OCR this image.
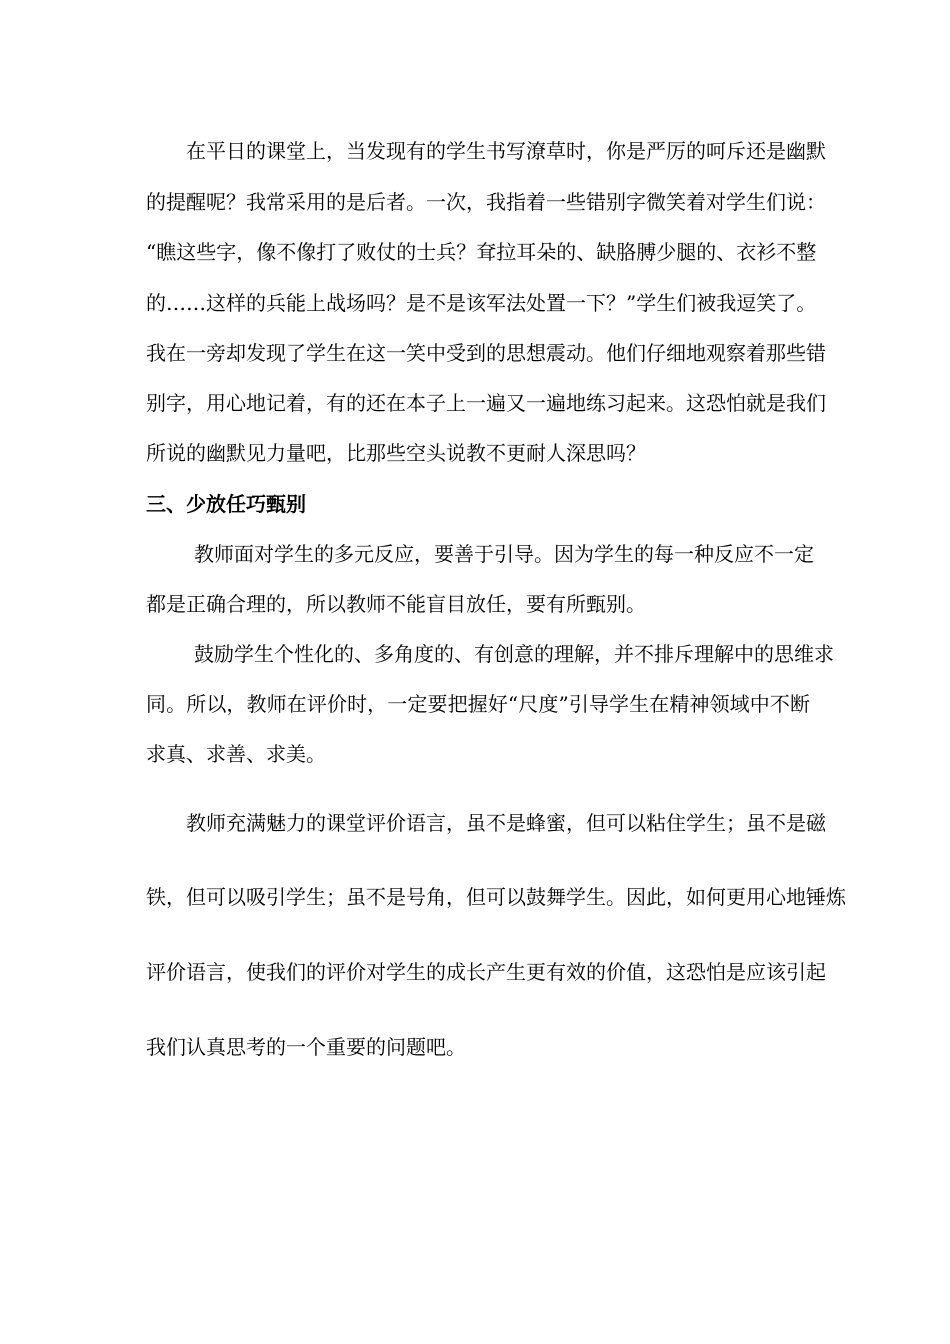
在平日的课堂上，当发现有的学生书写潦草时，你是严厉的呵斥还是幽默
的提醒呢？我常采用的是后者。一次，我指着一些错别字微笑着对学生们说：
“瞧这些字，像不像打了败仗的士兵？耷拉耳朵的、缺胳膊少腿的、衣衫不整
的……这样的兵能上战场吗？是不是该军法处置一下？”学生们被我逗笑了。
我在一旁却发现了学生在这一笑中受到的思想震动。他们仔细地观察着那些错
别字，用心地记着，有的还在本子上一遍又一遍地练习起来。这恐怕就是我们
所说的幽默见力量吧，比那些空头说教不更耐人深思吗？
三、少放任巧甄别
教师面对学生的多元反应，要善于引导。因为学生的每一种反应不一定
都是正确合理的，所以教师不能盲目放任，要有所甄别。
鼓励学生个性化的、多角度的、有创意的理解，并不排斥理解中的思维求
同。所以，教师在评价时，一定要把握好“尺度”引导学生在精神领域中不断
求真、求善、求美。
教师充满魅力的课堂评价语言，虽不是蜂蜜，但可以粘住学生；虽不是磁
铁，但可以吸引学生；虽不是号角，但可以鼓舞学生。因此，如何更用心地锤炼
评价语言，使我们的评价对学生的成长产生更有效的价值，这恐怕是应该引起
我们认真思考的一个重要的问题吧。
